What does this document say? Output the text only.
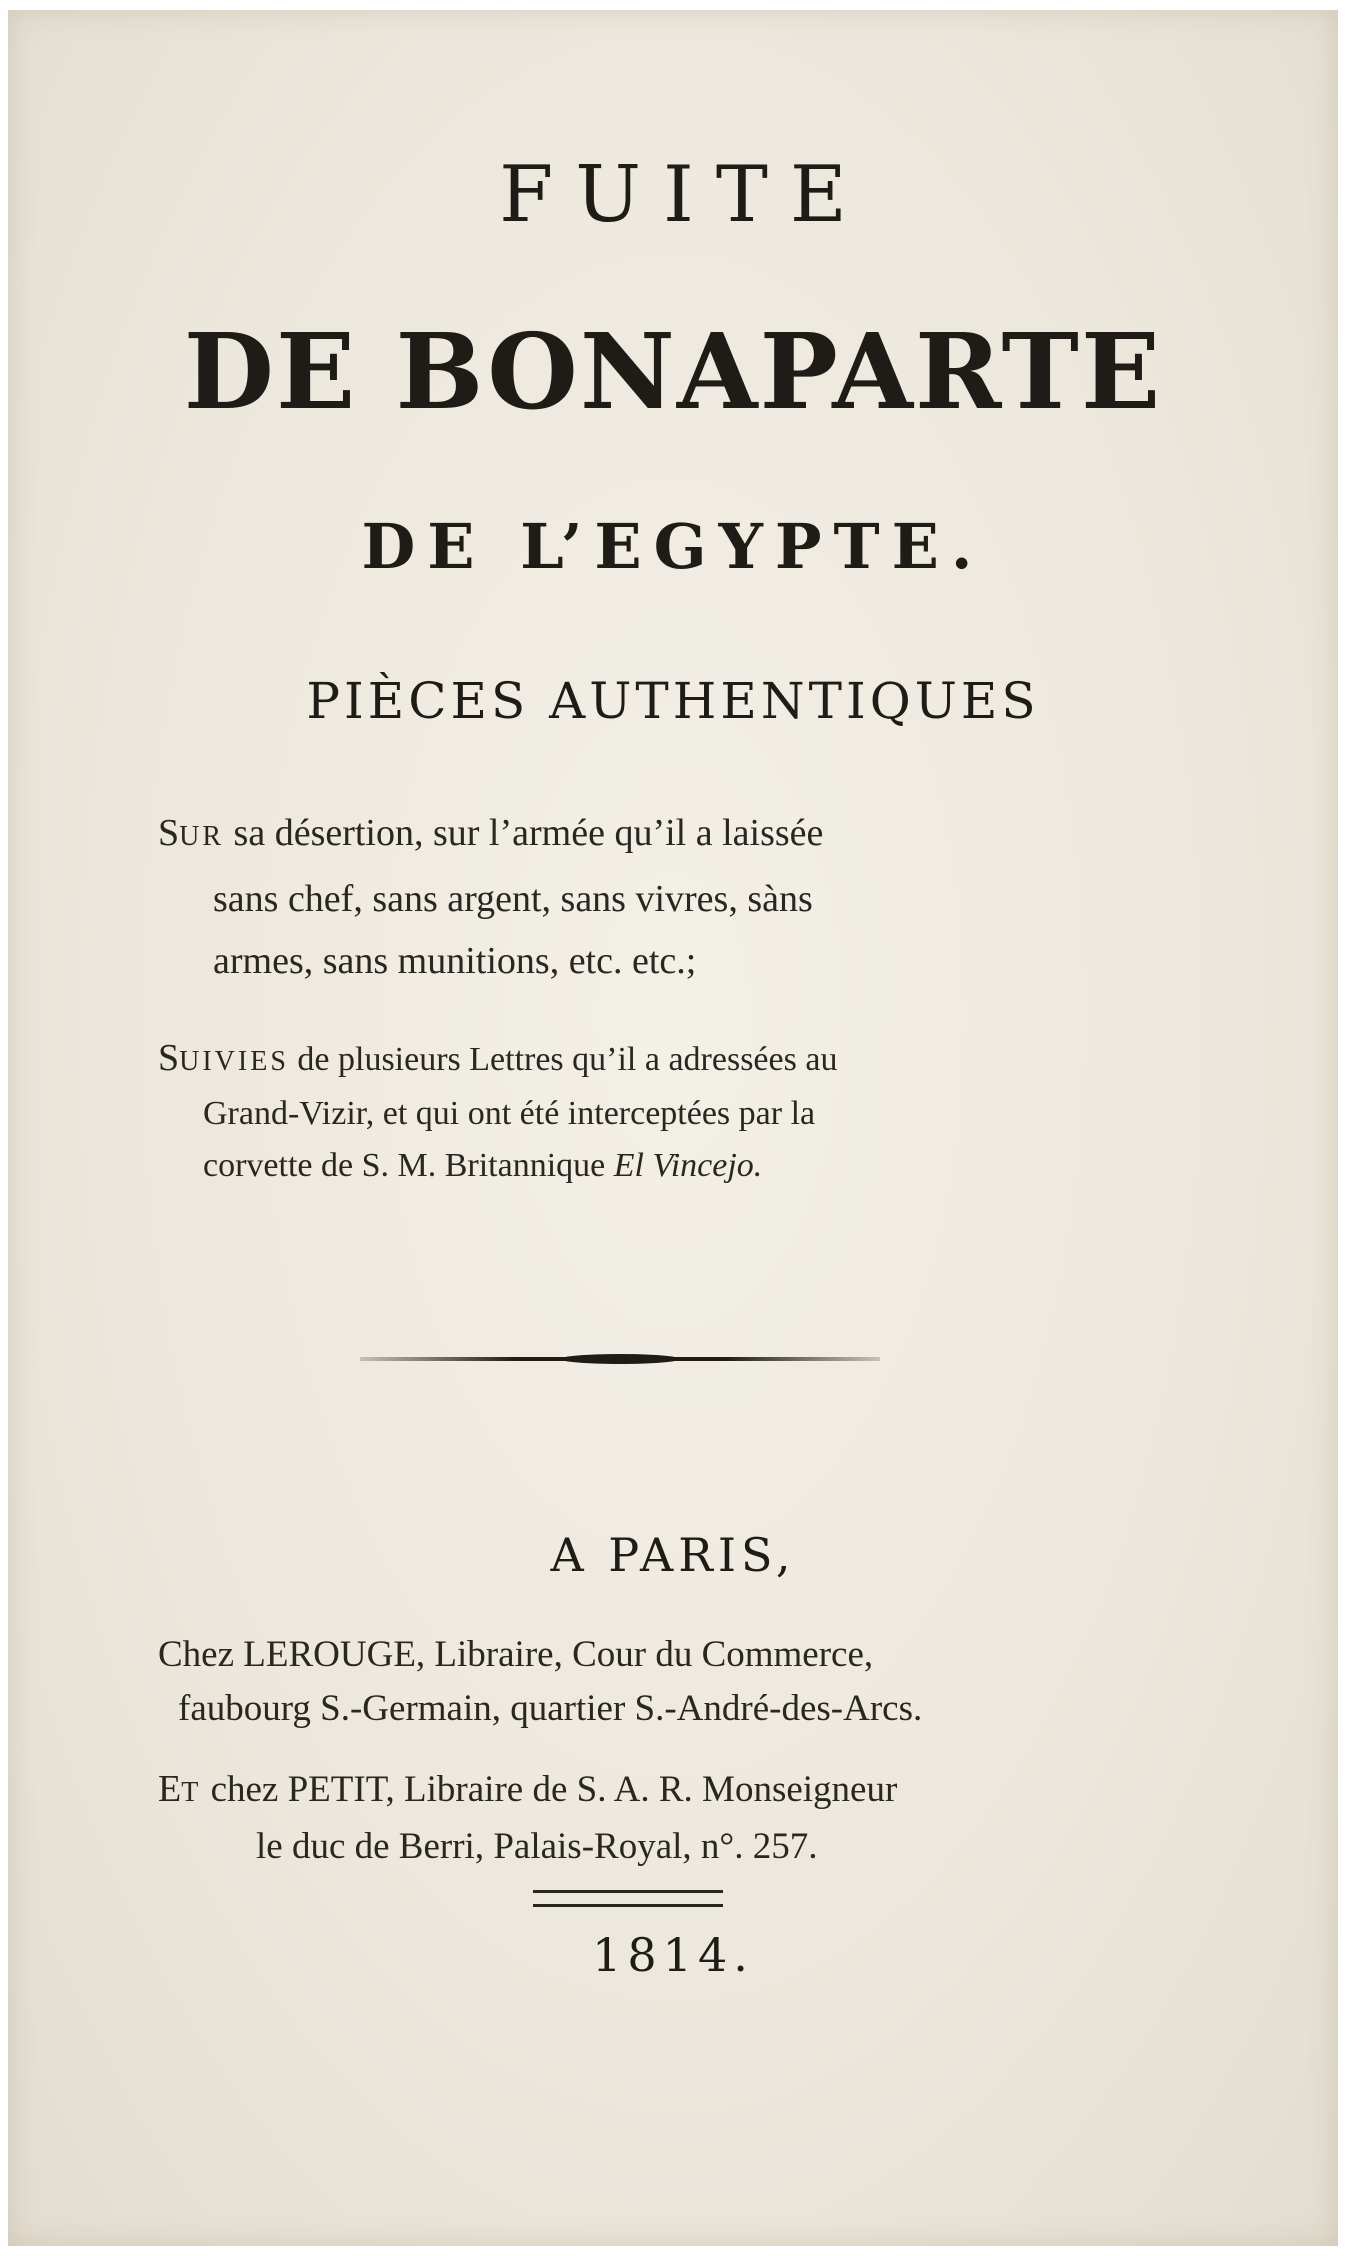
FUITE
DE BONAPARTE
DE L’EGYPTE.
PIÈCES AUTHENTIQUES
SUR sa désertion, sur l’armée qu’il a laissée
sans chef, sans argent, sans vivres, sàns
armes, sans munitions, etc. etc.;
SUIVIES de plusieurs Lettres qu’il a adressées au
Grand-Vizir, et qui ont été interceptées par la
corvette de S. M. Britannique El Vincejo.
A PARIS,
Chez LEROUGE, Libraire, Cour du Commerce,
faubourg S.-Germain, quartier S.-André-des-Arcs.
ET chez PETIT, Libraire de S. A. R. Monseigneur
le duc de Berri, Palais-Royal, n°. 257.
1814.
